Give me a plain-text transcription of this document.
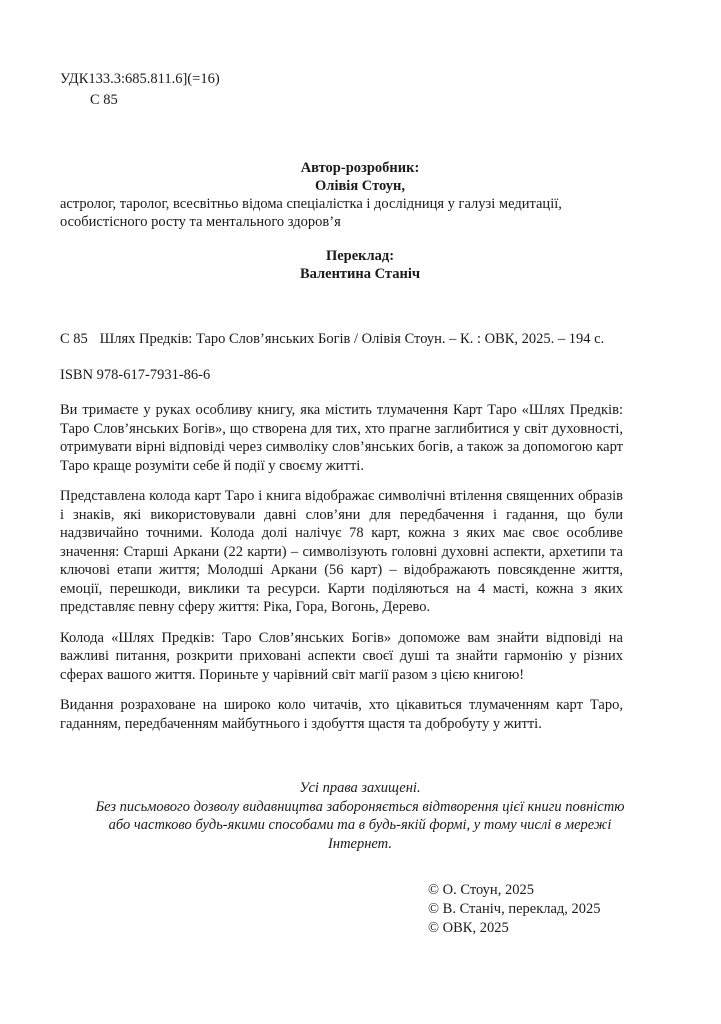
УДК133.3:685.811.6](=16)
С 85
Автор-розробник:
Олівія Стоун,
астролог, таролог, всесвітньо відома спеціалістка і дослідниця у галузі медитації,
особистісного росту та ментального здоров’я
Переклад:
Валентина Станіч
С 85 Шлях Предків: Таро Слов’янських Богів / Олівія Стоун. – К. : ОВК, 2025. – 194 с.
ISBN 978-617-7931-86-6

Ви тримаєте у руках особливу книгу, яка містить тлумачення Карт Таро «Шлях Предків: Таро Слов’янських Богів», що створена для тих, хто прагне заглибитися у світ духовності, отримувати вірні відповіді через символіку слов’янських богів, а також за допомогою карт Таро краще розуміти себе й події у своєму житті.

Представлена колода карт Таро і книга відображає символічні втілення священних образів і знаків, які використовували давні слов’яни для передбачення і гадання, що були надзвичайно точними. Колода долі налічує 78 карт, кожна з яких має своє особливе значення: Старші Аркани (22 карти) – символізують головні духовні аспекти, архетипи та ключові етапи життя; Молодші Аркани (56 карт) – відображають повсякденне життя, емоції, перешкоди, виклики та ресурси. Карти поділяються на 4 масті, кожна з яких представляє певну сферу життя: Ріка, Гора, Вогонь, Дерево.

Колода «Шлях Предків: Таро Слов’янських Богів» допоможе вам знайти відповіді на важливі питання, розкрити приховані аспекти своєї душі та знайти гармонію у різних сферах вашого життя. Пориньте у чарівний світ магії разом з цією книгою!

Видання розраховане на широко коло читачів, хто цікавиться тлумаченням карт Таро, гаданням, передбаченням майбутнього і здобуття щастя та добробуту у житті.

Усі права захищені.
Без письмового дозволу видавництва забороняється відтворення цієї книги повністю
або частково будь-якими способами та в будь-якій формі, у тому числі в мережі
Інтернет.
© О. Стоун, 2025
© В. Станіч, переклад, 2025
© ОВК, 2025
